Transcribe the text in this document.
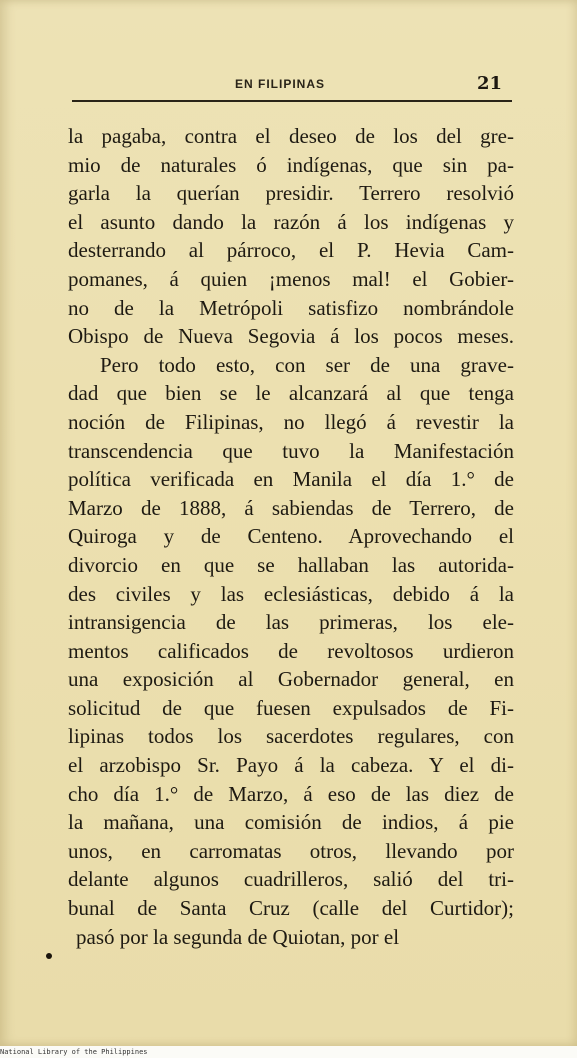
EN FILIPINAS	21
la pagaba, contra el deseo de los del gre-
mio de naturales ó indígenas, que sin pa-
garla la querían presidir. Terrero resolvió
el asunto dando la razón á los indígenas y
desterrando al párroco, el P. Hevia Cam-
pomanes, á quien ¡menos mal! el Gobier-
no de la Metrópoli satisfizo nombrándole
Obispo de Nueva Segovia á los pocos meses.
Pero todo esto, con ser de una grave-
dad que bien se le alcanzará al que tenga
noción de Filipinas, no llegó á revestir la
transcendencia que tuvo la Manifestación
política verificada en Manila el día 1.° de
Marzo de 1888, á sabiendas de Terrero, de
Quiroga y de Centeno. Aprovechando el
divorcio en que se hallaban las autorida-
des civiles y las eclesiásticas, debido á la
intransigencia de las primeras, los ele-
mentos calificados de revoltosos urdieron
una exposición al Gobernador general, en
solicitud de que fuesen expulsados de Fi-
lipinas todos los sacerdotes regulares, con
el arzobispo Sr. Payo á la cabeza. Y el di-
cho día 1.° de Marzo, á eso de las diez de
la mañana, una comisión de indios, á pie
unos, en carromatas otros, llevando por
delante algunos cuadrilleros, salió del tri-
bunal de Santa Cruz (calle del Curtidor);
pasó por la segunda de Quiotan, por el
National Library of the Philippines
